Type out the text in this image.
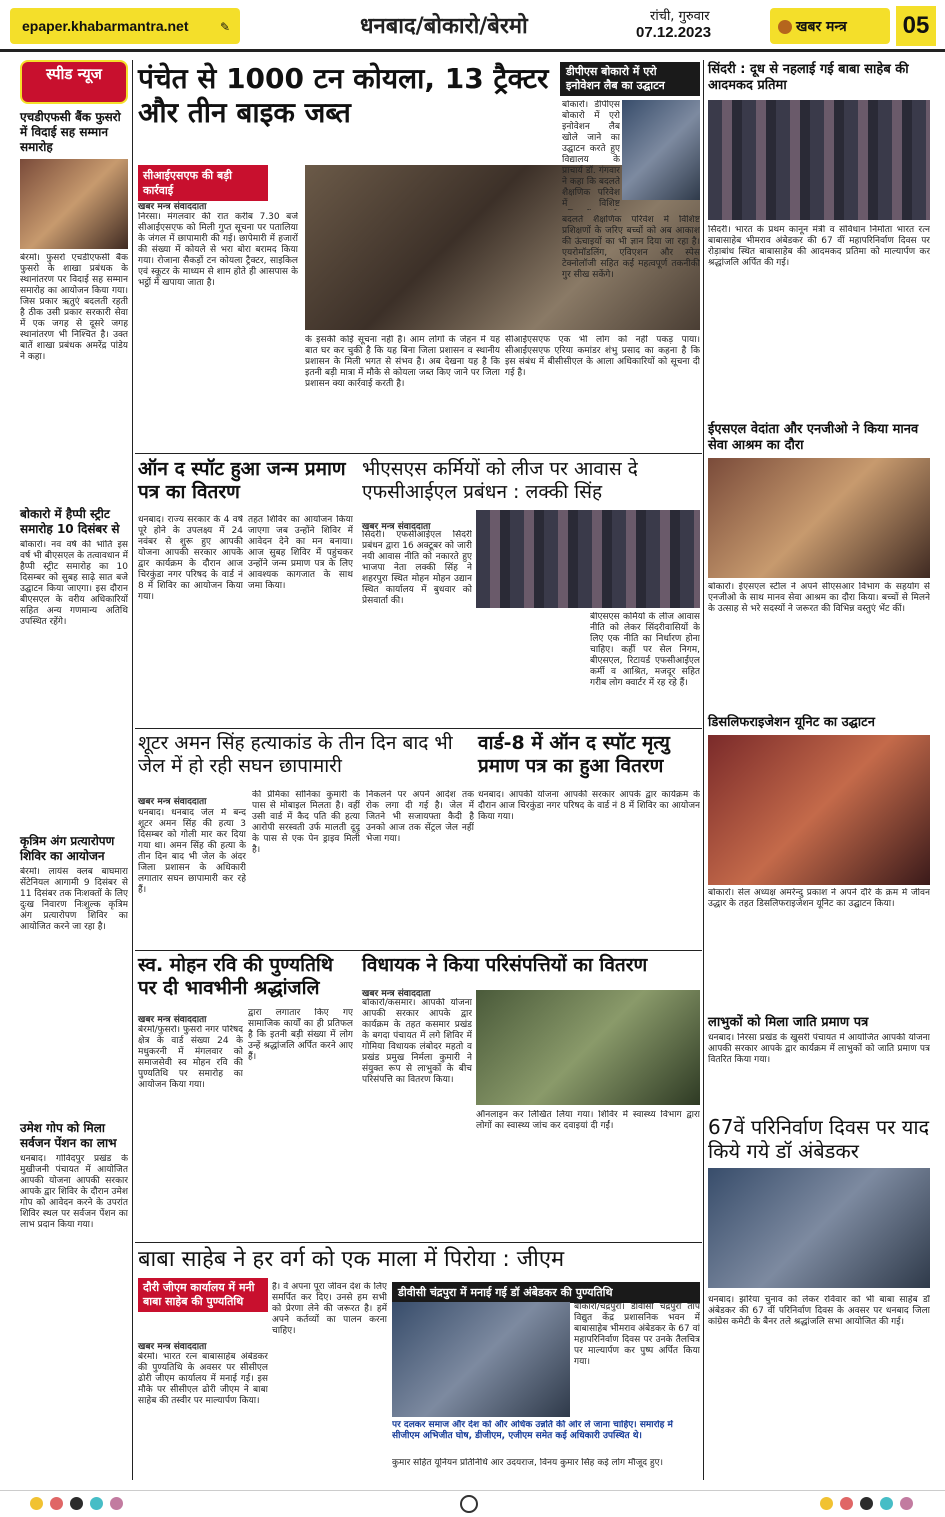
epaper.khabarmantra.net	✎	धनबाद/बोकारो/बेरमो	रांची, गुरुवार
07.12.2023	खबर मन्त्र	05
स्पीड न्यूज
एचडीएफसी बैंक फुसरो में विदाई सह सम्मान समारोह
बेरमो। फुसरो एचडीएफसी बैंक फुसरो के शाखा प्रबंधक के स्थानांतरण पर विदाई सह सम्मान समारोह का आयोजन किया गया। जिस प्रकार ऋतुएं बदलती रहती है ठीक उसी प्रकार सरकारी सेवा में एक जगह से दूसरे जगह स्थानांतरण भी निश्चित है। उक्त बातें शाखा प्रबंधक अमरेंद्र पांडेय ने कहा।
बोकारो में हैप्पी स्ट्रीट समारोह 10 दिसंबर से
बोकारो। नव वर्ष की भांति इस वर्ष भी बीएसएल के तत्वावधान में हैप्पी स्ट्रीट समारोह का 10 दिसम्बर को सुबह साढ़े सात बजे उद्घाटन किया जाएगा। इस दौरान बीएसएल के वरीय अधिकारियों सहित अन्य गणमान्य अतिथि उपस्थित रहेंगे।
कृत्रिम अंग प्रत्यारोपण शिविर का आयोजन
बेरमो। लायंस क्लब बाघमारा सेंटेनियल आगामी 9 दिसंबर से 11 दिसंबर तक निःशक्तों के लिए दुःख निवारण निःशुल्क कृत्रिम अंग प्रत्यारोपण शिविर का आयोजित करने जा रहा है।
उमेश गोप को मिला सर्वजन पेंशन का लाभ
धनबाद। गोविंदपुर प्रखंड के मुखीजनी पंचायत में आयोजित आपकी योजना आपकी सरकार आपके द्वार शिविर के दौरान उमेश गोप को आवेदन करने के उपरांत शिविर स्थल पर सर्वजन पेंशन का लाभ प्रदान किया गया।
पंचेत से 1000 टन कोयला, 13 ट्रैक्टर और तीन बाइक जब्त
सीआईएसएफ की बड़ी कार्रवाई
खबर मन्त्र संवाददाता
निरसा। मंगलवार की रात करीब 7.30 बजे सीआईएसएफ को मिली गुप्त सूचना पर पतालिया के जंगल में छापामारी की गई। छापेमारी में हजारों की संख्या में कोयले से भरा बोरा बरामद किया गया। रोजाना सैकड़ों टन कोयला ट्रैक्टर, साइकिल एवं स्कूटर के माध्यम से शाम होते ही आसपास के भट्ठों में खपाया जाता है।
के इसकी कोई सूचना नहीं है। आम लोगों के जेहन में यह बात घर कर चुकी है कि यह बिना जिला प्रशासन व स्थानीय प्रशासन के मिली भगत से संभव है। अब देखना यह है कि इतनी बड़ी मात्रा में मौके से कोयला जब्त किए जाने पर जिला प्रशासन क्या कार्रवाई करती है।
सीआईएसएफ एक भी लोग को नहीं पकड़ पाया। सीआईएसएफ एरिया कमांडर शंभु प्रसाद का कहना है कि इस संबंध में बीसीसीएल के आला अधिकारियों को सूचना दी गई है।
डीपीएस बोकारो में एरो इनोवेशन लैब का उद्घाटन
बोकारो। डीपीएस बोकारो में एरो इनोवेशन लैब खोले जाने का उद्घाटन करते हुए विद्यालय के प्राचार्य डॉ. गंगवार ने कहा कि बदलते शैक्षणिक परिवेश में विशिष्ट
बदलते शैक्षणिक परिवेश में विशिष्ट प्रशिक्षणों के जरिए बच्चों को अब आकाश की ऊंचाइयों का भी ज्ञान दिया जा रहा है। एयरोमॉडलिंग, एविएशन और स्पेस टेक्नोलॉजी सहित कई महत्वपूर्ण तकनीकी गुर सीख सकेंगे।
सिंदरी : दूध से नहलाई गई बाबा साहेब की आदमकद प्रतिमा
सिंदरी। भारत के प्रथम कानून मंत्री व संविधान निर्माता भारत रत्न बाबासाहेब भीमराव अंबेडकर की 67 वीं महापरिनिर्वाण दिवस पर रोड़ाबांध स्थित बाबासाहेब की आदमकद प्रतिमा को माल्यार्पण कर श्रद्धांजलि अर्पित की गई।
ईएसएल वेदांता और एनजीओ ने किया मानव सेवा आश्रम का दौरा
बोकारो। ईएसएल स्टील ने अपने सीएसआर विभाग के सहयोग से एनजीओ के साथ मानव सेवा आश्रम का दौरा किया। बच्चों से मिलने के उत्साह से भरे सदस्यों ने जरूरत की विभिन्न वस्तुएं भेंट कीं।
डिसलिफराइजेशन यूनिट का उद्घाटन
बोकारो। सेल अध्यक्ष अमरेन्दु प्रकाश ने अपने दौरे के क्रम में जीवन उद्धार के तहत डिसलिफराइजेशन यूनिट का उद्घाटन किया।
लाभुकों को मिला जाति प्रमाण पत्र
धनबाद। निरसा प्रखंड के खुसरी पंचायत में आयोजित आपकी योजना आपकी सरकार आपके द्वार कार्यक्रम में लाभुकों को जाति प्रमाण पत्र वितरित किया गया।
67वें परिनिर्वाण दिवस पर याद किये गये डॉ अंबेडकर
धनबाद। झरिया चुनाव को लेकर रविवार को भी बाबा साहेब डॉ अंबेडकर की 67 वीं परिनिर्वाण दिवस के अवसर पर धनबाद जिला कांग्रेस कमेटी के बैनर तले श्रद्धांजलि सभा आयोजित की गई।
ऑन द स्पॉट हुआ जन्म प्रमाण पत्र का वितरण
धनबाद। राज्य सरकार के 4 वर्ष पूरे होने के उपलक्ष्य में 24 नवंबर से शुरू हुए आपकी योजना आपकी सरकार आपके द्वार कार्यक्रम के दौरान आज चिरकुंडा नगर परिषद के वार्ड नं 8 में शिविर का आयोजन किया गया।
तहत शिविर का आयोजन किया जाएगा जब उन्होंने शिविर में आवेदन देने का मन बनाया। आज सुबह शिविर में पहुंचकर उन्होंने जन्म प्रमाण पत्र के लिए आवश्यक कागजात के साथ जमा किया।
भीएसएस कर्मियों को लीज पर आवास दे एफसीआईएल प्रबंधन : लक्की सिंह
खबर मन्त्र संवाददाता
सिंदरी। एफसीआईएल सिंदरी प्रबंधन द्वारा 16 अक्टूबर को जारी नयी आवास नीति को नकारते हुए भाजपा नेता लक्की सिंह ने शहरपुरा स्थित मोहन मोहन उद्यान स्थित कार्यालय में बुधवार को प्रेसवार्ता की।
बीएसएस कर्मियों के लीज आवास नीति को लेकर सिंदरीवासियों के लिए एक नीति का निर्धारण होना चाहिए। कहीं पर सेल निगम, बीएसएल, रिटायर्ड एफसीआईएल कर्मी व आश्रित, मजदूर सहित गरीब लोग क्वार्टर में रह रहे हैं।
शूटर अमन सिंह हत्याकांड के तीन दिन बाद भी जेल में हो रही सघन छापामारी
खबर मन्त्र संवाददाता
धनबाद। धनबाद जेल में बन्द शूटर अमन सिंह की हत्या 3 दिसम्बर को गोली मार कर दिया गया था। अमन सिंह की हत्या के तीन दिन बाद भी जेल के अंदर जिला प्रशासन के अधिकारी लगातार सघन छापामारी कर रहे हैं।
की प्रेमिका सोनिका कुमारी के पास से मोबाइल मिलता है। वहीं उसी वार्ड में कैद पति की हत्या आरोपी सरस्वती उर्फ मालती दूदू के पास से एक पेन ड्राइव मिली है।
निकलने पर अपने आदेश तक रोक लगा दी गई है। जेल में जितने भी सजायफ्ता कैदी है उनको आज तक सेंट्रल जेल नहीं भेजा गया।
वार्ड-8 में ऑन द स्पॉट मृत्यु प्रमाण पत्र का हुआ वितरण
धनबाद। आपकी योजना आपकी सरकार आपके द्वार कार्यक्रम के दौरान आज चिरकुंडा नगर परिषद के वार्ड नं 8 में शिविर का आयोजन किया गया।
स्व. मोहन रवि की पुण्यतिथि पर दी भावभीनी श्रद्धांजलि
खबर मन्त्र संवाददाता
बेरमो/फुसरो। फुसरो नगर परिषद क्षेत्र के वार्ड संख्या 24 के मधुकरनी में मंगलवार को समाजसेवी स्व मोहन रवि की पुण्यतिथि पर समारोह का आयोजन किया गया।
द्वारा लगातार किए गए सामाजिक कार्यों का ही प्रतिफल है कि इतनी बड़ी संख्या में लोग उन्हें श्रद्धांजलि अर्पित करने आए हैं।
विधायक ने किया परिसंपत्तियों का वितरण
खबर मन्त्र संवाददाता
बोकारो/कसमार। आपकी योजना आपकी सरकार आपके द्वार कार्यक्रम के तहत कसमार प्रखंड के बगदा पंचायत में लगे शिविर में गोमिया विधायक लंबोदर महतो व प्रखंड प्रमुख निर्मला कुमारी ने संयुक्त रूप से लाभुकों के बीच परिसंपत्ति का वितरण किया।
ऑनलाइन कर लिखित लिया गया। शिविर में स्वास्थ्य विभाग द्वारा लोगों का स्वास्थ्य जांच कर दवाइयां दी गईं।
बाबा साहेब ने हर वर्ग को एक माला में पिरोया : जीएम
दौरी जीएम कार्यालय में मनी बाबा साहेब की पुण्यतिथि
खबर मन्त्र संवाददाता
बेरमो। भारत रत्न बाबासाहेब अंबेडकर की पुण्यतिथि के अवसर पर सीसीएल ढोरी जीएम कार्यालय में मनाई गई। इस मौके पर सीसीएल ढोरी जीएम ने बाबा साहेब की तस्वीर पर माल्यार्पण किया।
है। वे अपना पूरा जीवन देश के लिए समर्पित कर दिए। उनसे हम सभी को प्रेरणा लेने की जरूरत है। हमें अपने कर्तव्यों का पालन करना चाहिए।
डीवीसी चंद्रपुरा में मनाई गई डॉ अंबेडकर की पुण्यतिथि
बोकारो/चंद्रपुरा। डीवीसी चंद्रपुरा ताप विद्युत केंद्र प्रशासनिक भवन में बाबासाहेब भीमराव अंबेडकर के 67 वां महापरिनिर्वाण दिवस पर उनके तैलचित्र पर माल्यार्पण कर पुष्प अर्पित किया गया।
पर दलकर समाज और देश को और अधिक उन्नति की ओर ले जाना चाहिए। समारोह में सीजीएम अभिजीत घोष, डीजीएम, एजीएम समेत कई अधिकारी उपस्थित थे।
कुमार सहित यूनियन प्रतिनिधि आर उदयराज, विनय कुमार सिंह कई लोग मौजूद हुए।
